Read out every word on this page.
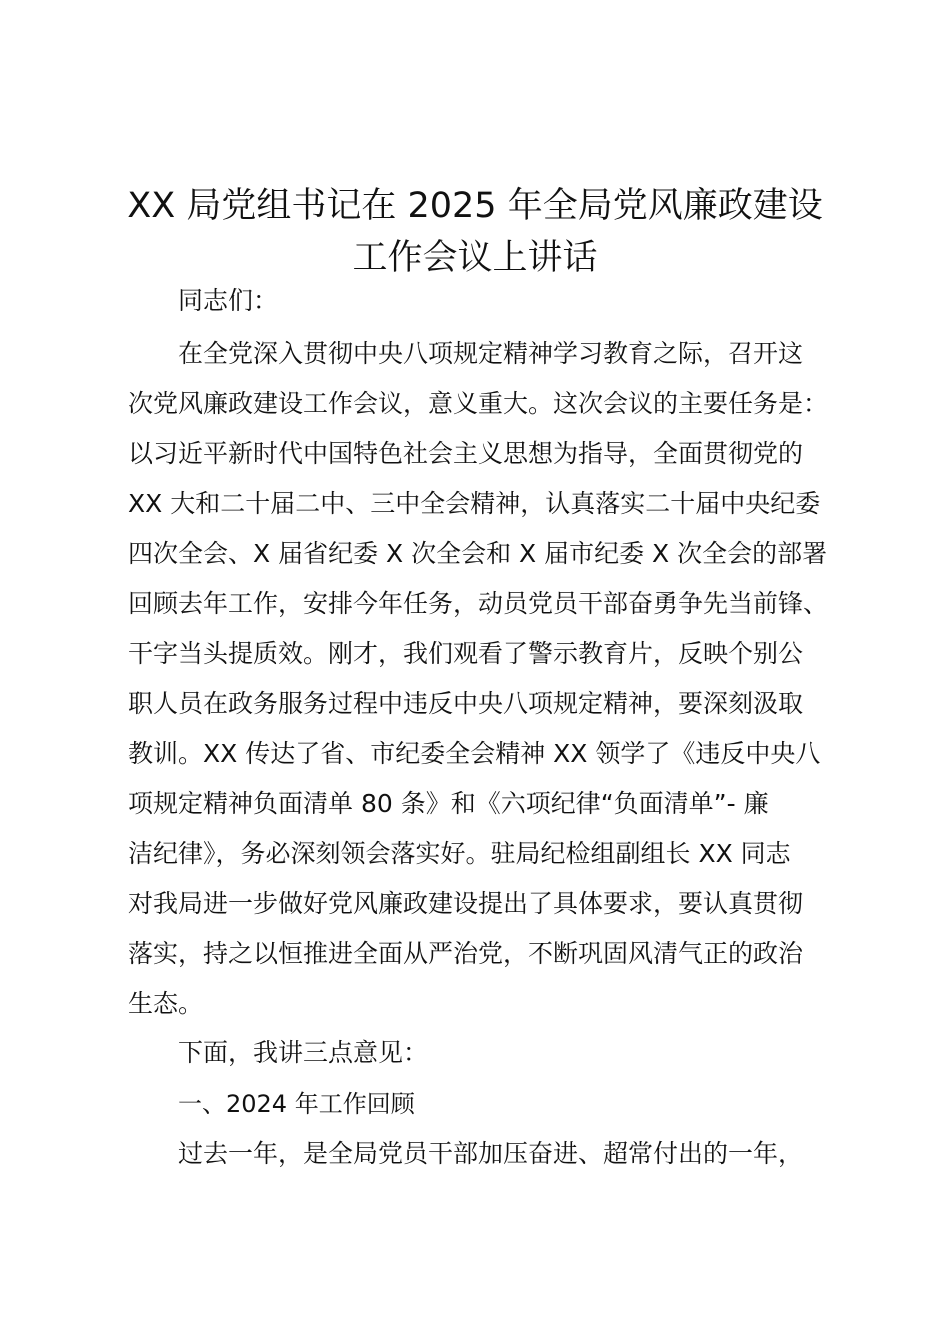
XX 局党组书记在 2025 年全局党风廉政建设
工作会议上讲话

同志们：

在全党深入贯彻中央八项规定精神学习教育之际，召开这

次党风廉政建设工作会议，意义重大。这次会议的主要任务是：

以习近平新时代中国特色社会主义思想为指导，全面贯彻党的

XX 大和二十届二中、三中全会精神，认真落实二十届中央纪委

四次全会、X 届省纪委 X 次全会和 X 届市纪委 X 次全会的部署

回顾去年工作，安排今年任务，动员党员干部奋勇争先当前锋、

干字当头提质效。刚才，我们观看了警示教育片，反映个别公

职人员在政务服务过程中违反中央八项规定精神，要深刻汲取

教训。XX 传达了省、市纪委全会精神 XX 领学了《违反中央八

项规定精神负面清单 80 条》和《六项纪律“负面清单”- 廉

洁纪律》，务必深刻领会落实好。驻局纪检组副组长 XX 同志

对我局进一步做好党风廉政建设提出了具体要求，要认真贯彻

落实，持之以恒推进全面从严治党，不断巩固风清气正的政治

生态。

下面，我讲三点意见：

一、2024 年工作回顾

过去一年，是全局党员干部加压奋进、超常付出的一年，
